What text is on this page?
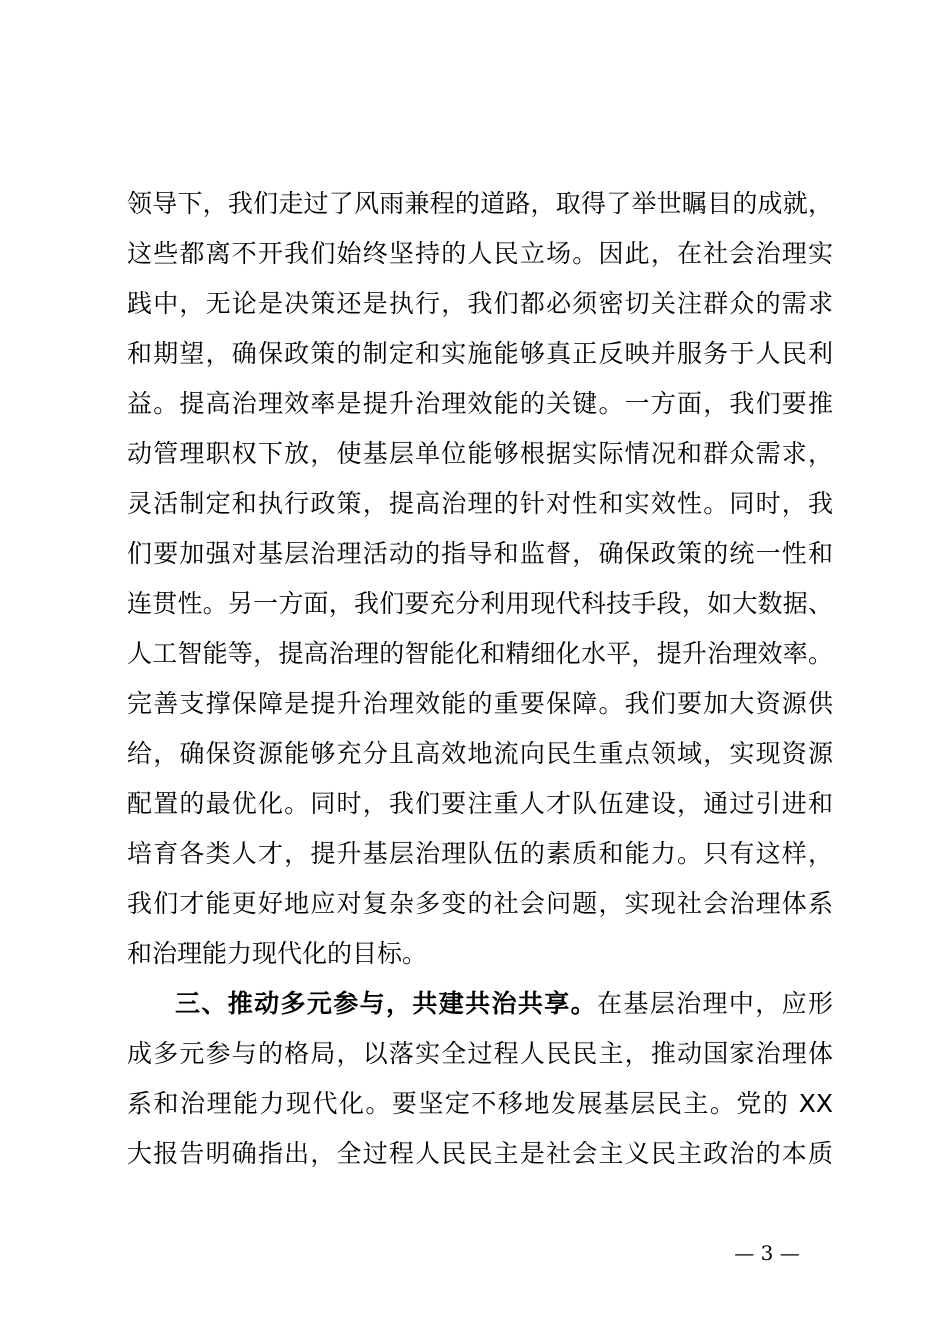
领导下，我们走过了风雨兼程的道路，取得了举世瞩目的成就，
这些都离不开我们始终坚持的人民立场。因此，在社会治理实
践中，无论是决策还是执行，我们都必须密切关注群众的需求
和期望，确保政策的制定和实施能够真正反映并服务于人民利
益。提高治理效率是提升治理效能的关键。一方面，我们要推
动管理职权下放，使基层单位能够根据实际情况和群众需求，
灵活制定和执行政策，提高治理的针对性和实效性。同时，我
们要加强对基层治理活动的指导和监督，确保政策的统一性和
连贯性。另一方面，我们要充分利用现代科技手段，如大数据、
人工智能等，提高治理的智能化和精细化水平，提升治理效率。
完善支撑保障是提升治理效能的重要保障。我们要加大资源供
给，确保资源能够充分且高效地流向民生重点领域，实现资源
配置的最优化。同时，我们要注重人才队伍建设，通过引进和
培育各类人才，提升基层治理队伍的素质和能力。只有这样，
我们才能更好地应对复杂多变的社会问题，实现社会治理体系
和治理能力现代化的目标。
三、推动多元参与，共建共治共享。在基层治理中，应形
成多元参与的格局，以落实全过程人民民主，推动国家治理体
系和治理能力现代化。要坚定不移地发展基层民主。党的 XX
大报告明确指出，全过程人民民主是社会主义民主政治的本质
— 3 —
